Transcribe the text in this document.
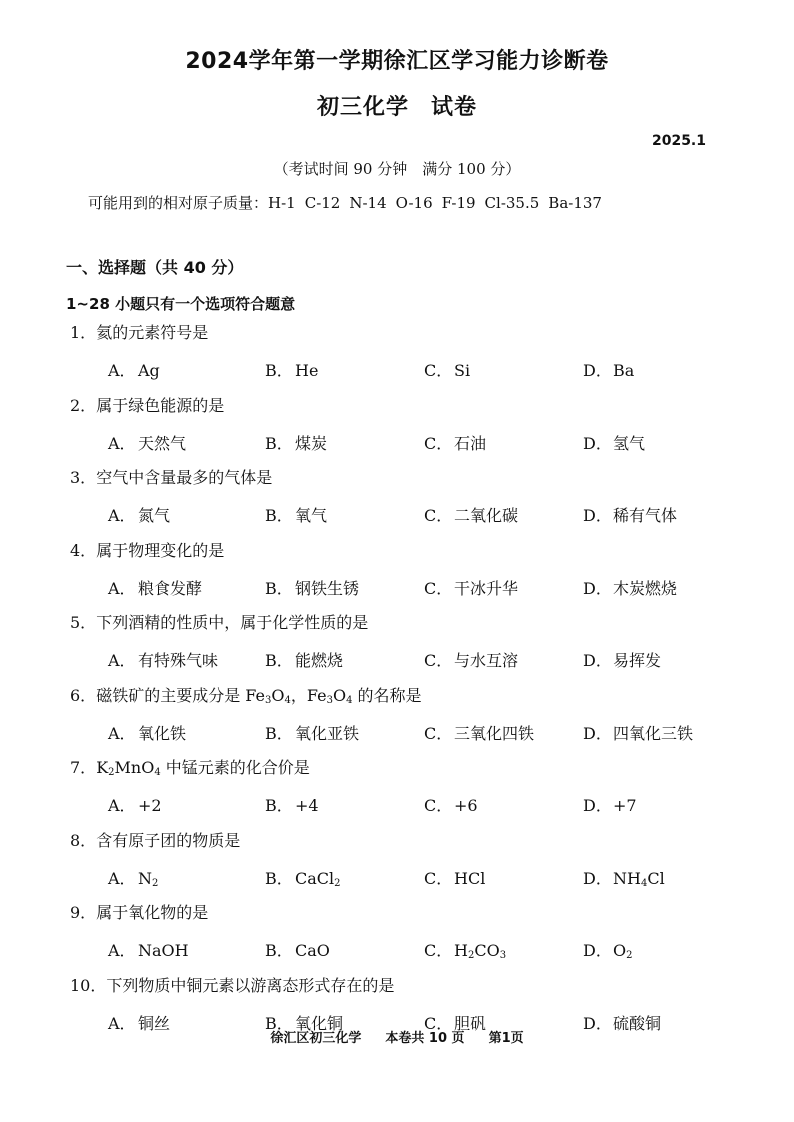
2024学年第一学期徐汇区学习能力诊断卷
初三化学 试卷
2025.1
（考试时间 90 分钟　满分 100 分）
可能用到的相对原子质量：H-1 C-12 N-14 O-16 F-19 Cl-35.5 Ba-137
一、选择题（共 40 分）
1~28 小题只有一个选项符合题意
1．氦的元素符号是
A． Ag	B． He	C． Si	D．Ba
2．属于绿色能源的是
A． 天然气	B． 煤炭	C． 石油	D．氢气
3．空气中含量最多的气体是
A． 氮气	B． 氧气	C． 二氧化碳	D．稀有气体
4．属于物理变化的是
A． 粮食发酵	B． 钢铁生锈	C． 干冰升华	D．木炭燃烧
5．下列酒精的性质中，属于化学性质的是
A． 有特殊气味	B． 能燃烧	C． 与水互溶	D．易挥发
6．磁铁矿的主要成分是 $Fe_3O_4$，$Fe_3O_4$ 的名称是
A． 氧化铁	B． 氧化亚铁	C． 三氧化四铁	D．四氧化三铁
7．$K_2MnO_4$ 中锰元素的化合价是
A． +2	B． +4	C． +6	D．+7
8．含有原子团的物质是
A． $N_2$	B． CaCl$_2$	C． HCl	D．$NH_4Cl$
9．属于氧化物的是
A． NaOH	B． CaO	C． $H_2CO_3$	D．$O_2$
10．下列物质中铜元素以游离态形式存在的是
A． 铜丝	B． 氧化铜	C． 胆矾	D．硫酸铜
徐汇区初三化学 本卷共 10 页 第1页
